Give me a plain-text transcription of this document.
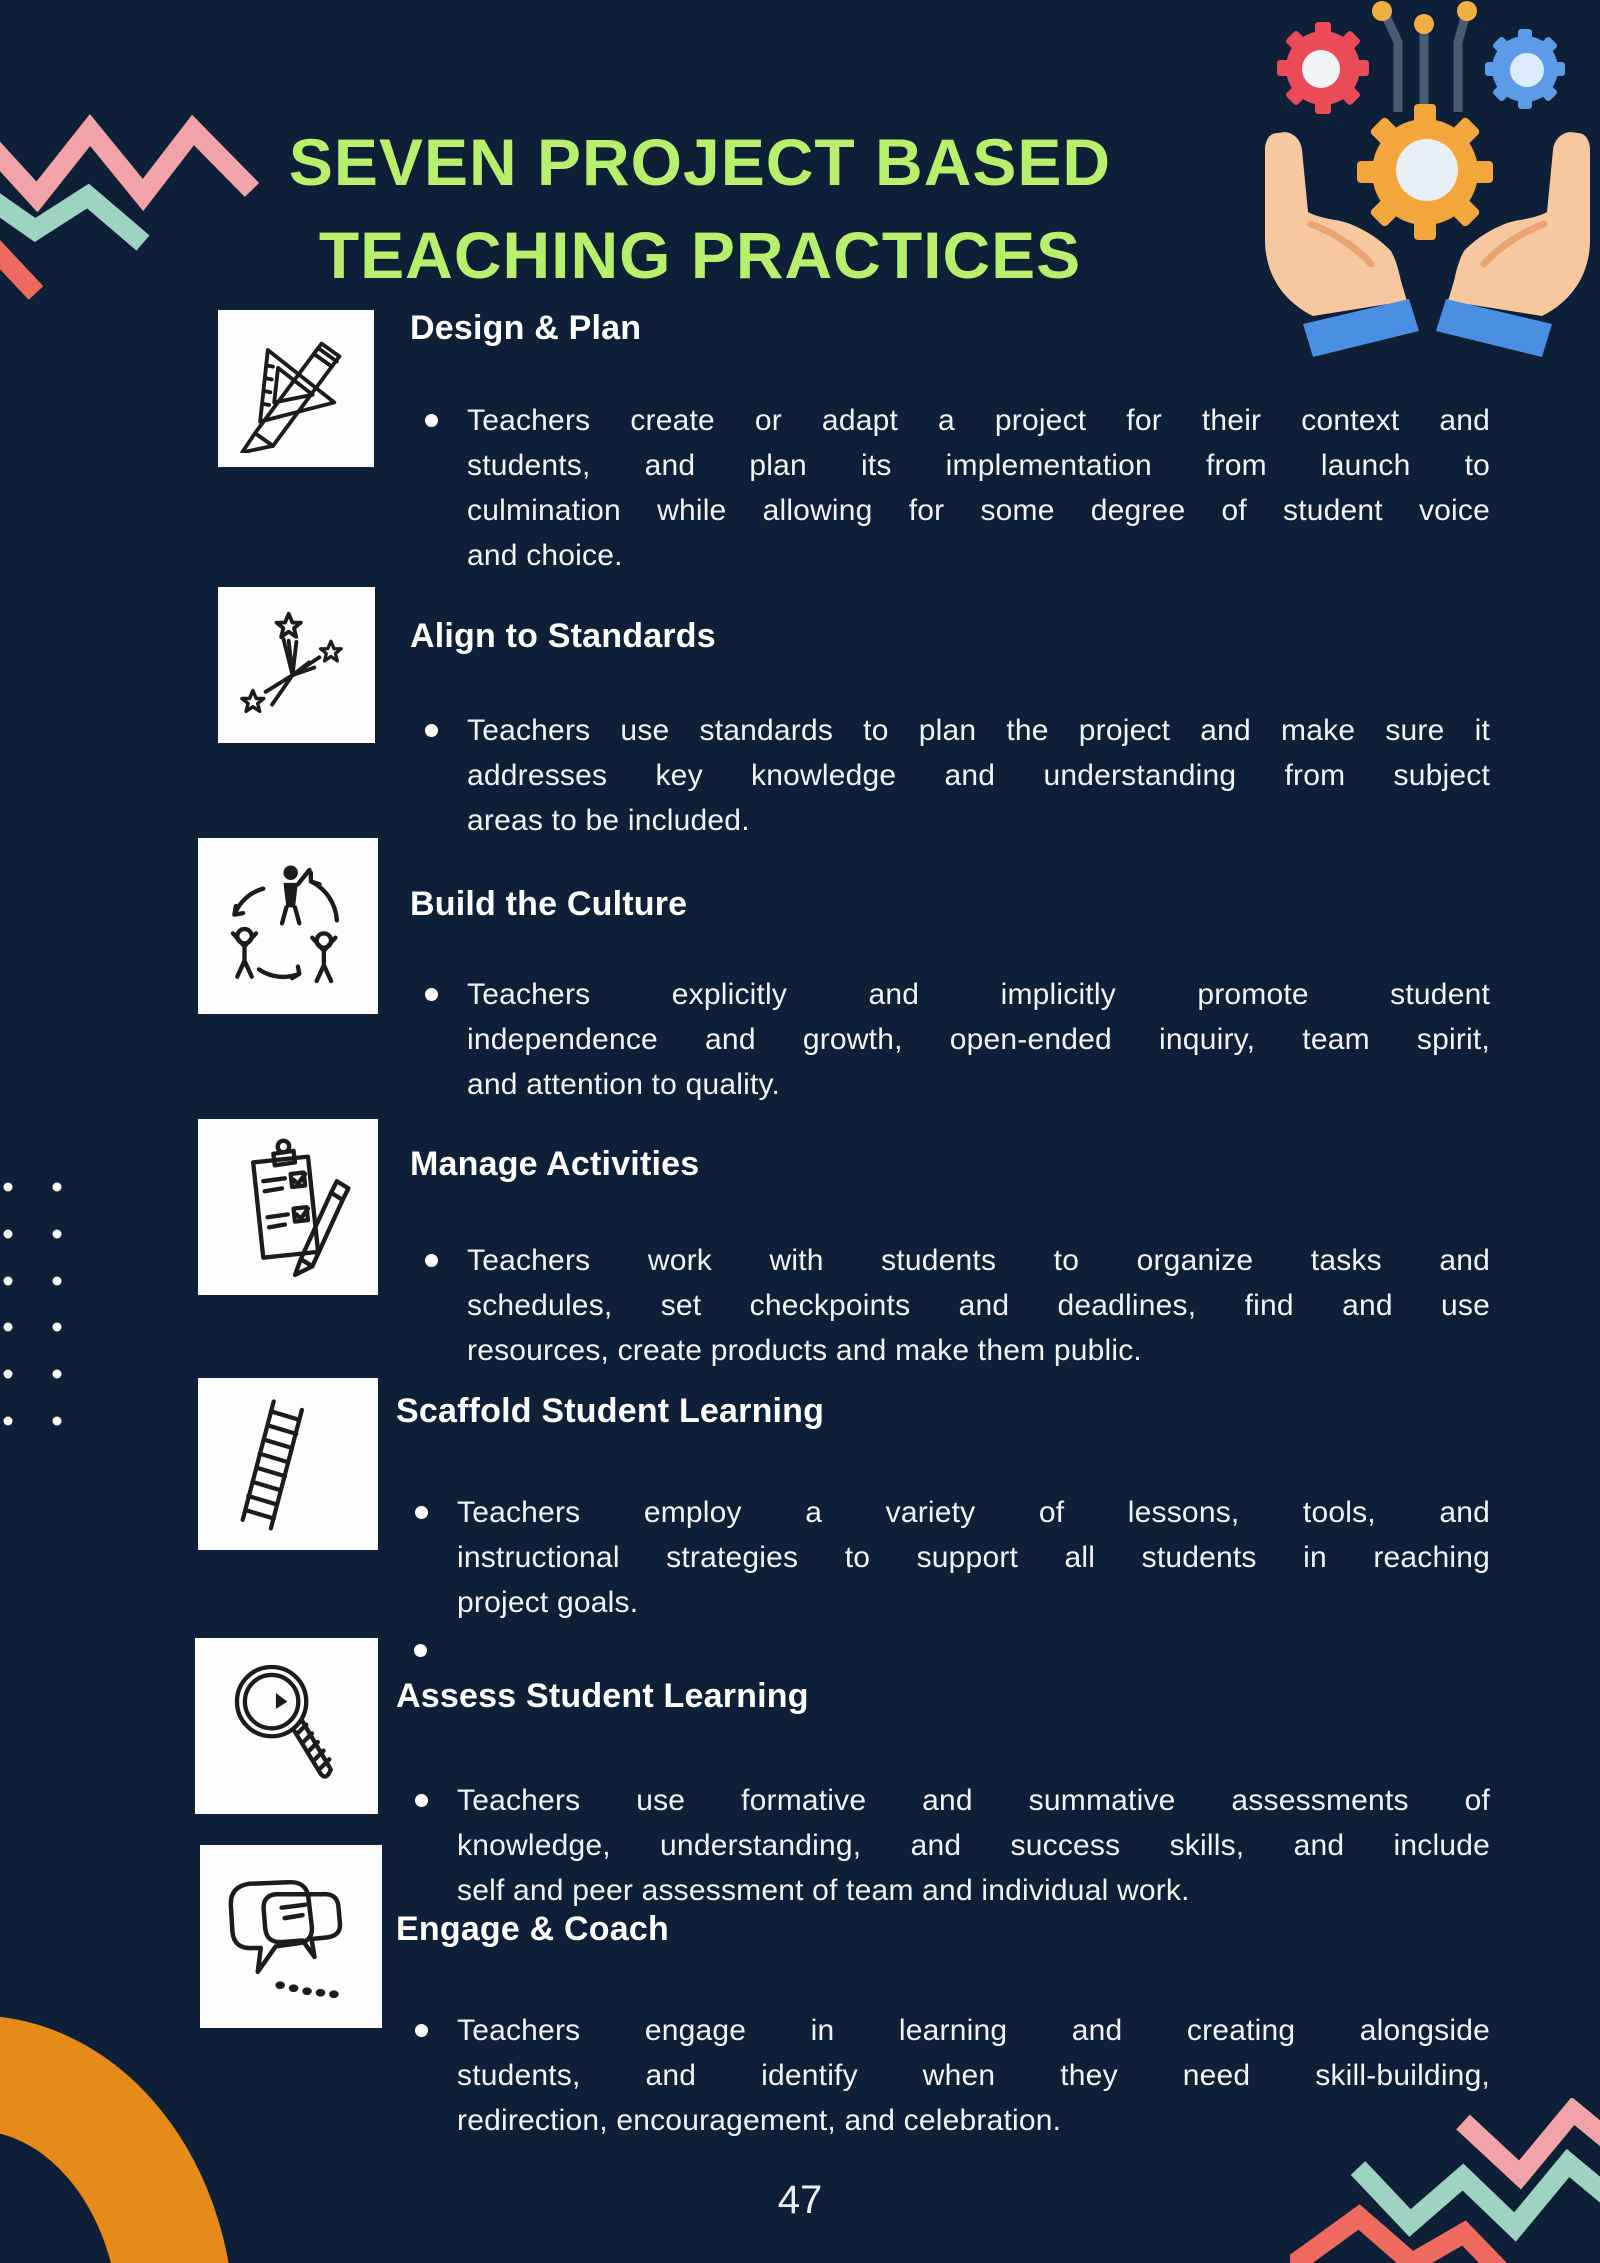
SEVEN PROJECT BASED
TEACHING PRACTICES
Design & Plan
Teachers create or adapt a project for their context and
students, and plan its implementation from launch to
culmination while allowing for some degree of student voice
and choice.
Align to Standards
Teachers use standards to plan the project and make sure it
addresses key knowledge and understanding from subject
areas to be included.
Build the Culture
Teachers explicitly and implicitly promote student
independence and growth, open-ended inquiry, team spirit,
and attention to quality.
Manage Activities
Teachers work with students to organize tasks and
schedules, set checkpoints and deadlines, find and use
resources, create products and make them public.
Scaffold Student Learning
Teachers employ a variety of lessons, tools, and
instructional strategies to support all students in reaching
project goals.
Assess Student Learning
Teachers use formative and summative assessments of
knowledge, understanding, and success skills, and include
self and peer assessment of team and individual work.
Engage & Coach
Teachers engage in learning and creating alongside
students, and identify when they need skill-building,
redirection, encouragement, and celebration.
47
